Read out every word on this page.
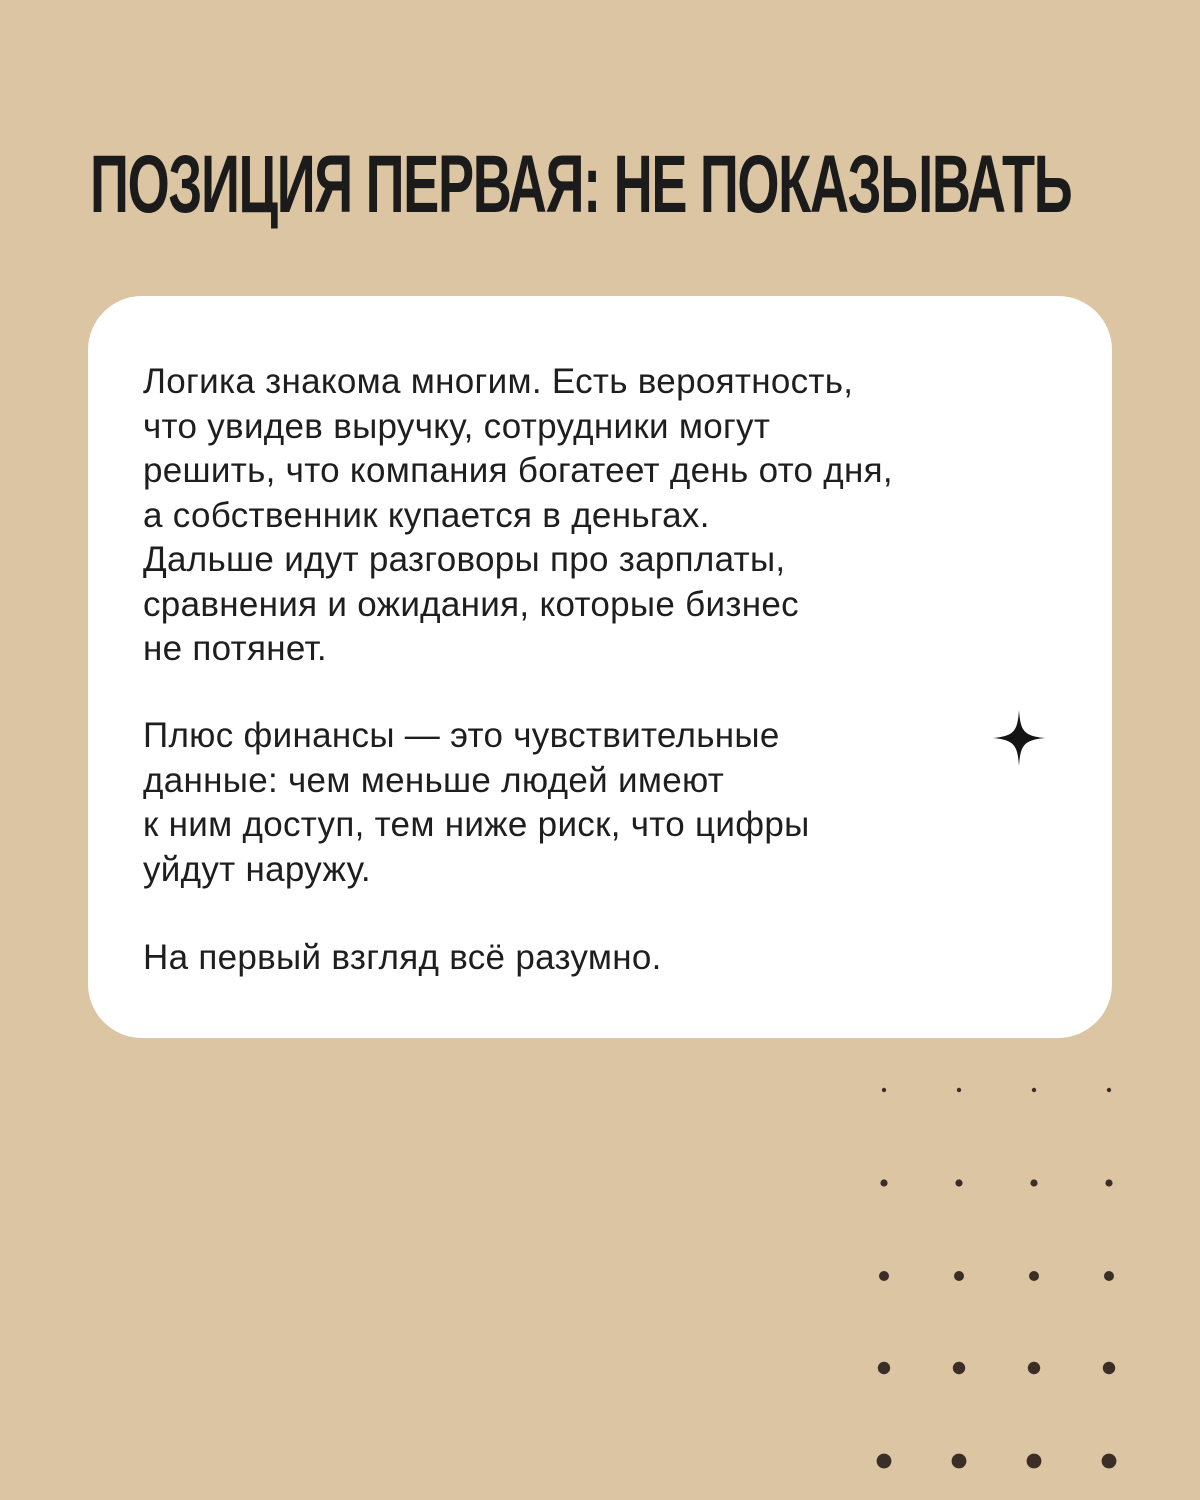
ПОЗИЦИЯ ПЕРВАЯ: НЕ ПОКАЗЫВАТЬ

Логика знакома многим. Есть вероятность,
что увидев выручку, сотрудники могут
решить, что компания богатеет день ото дня,
а собственник купается в деньгах.
Дальше идут разговоры про зарплаты,
сравнения и ожидания, которые бизнес
не потянет.

Плюс финансы — это чувствительные
данные: чем меньше людей имеют
к ним доступ, тем ниже риск, что цифры
уйдут наружу.

На первый взгляд всё разумно.
